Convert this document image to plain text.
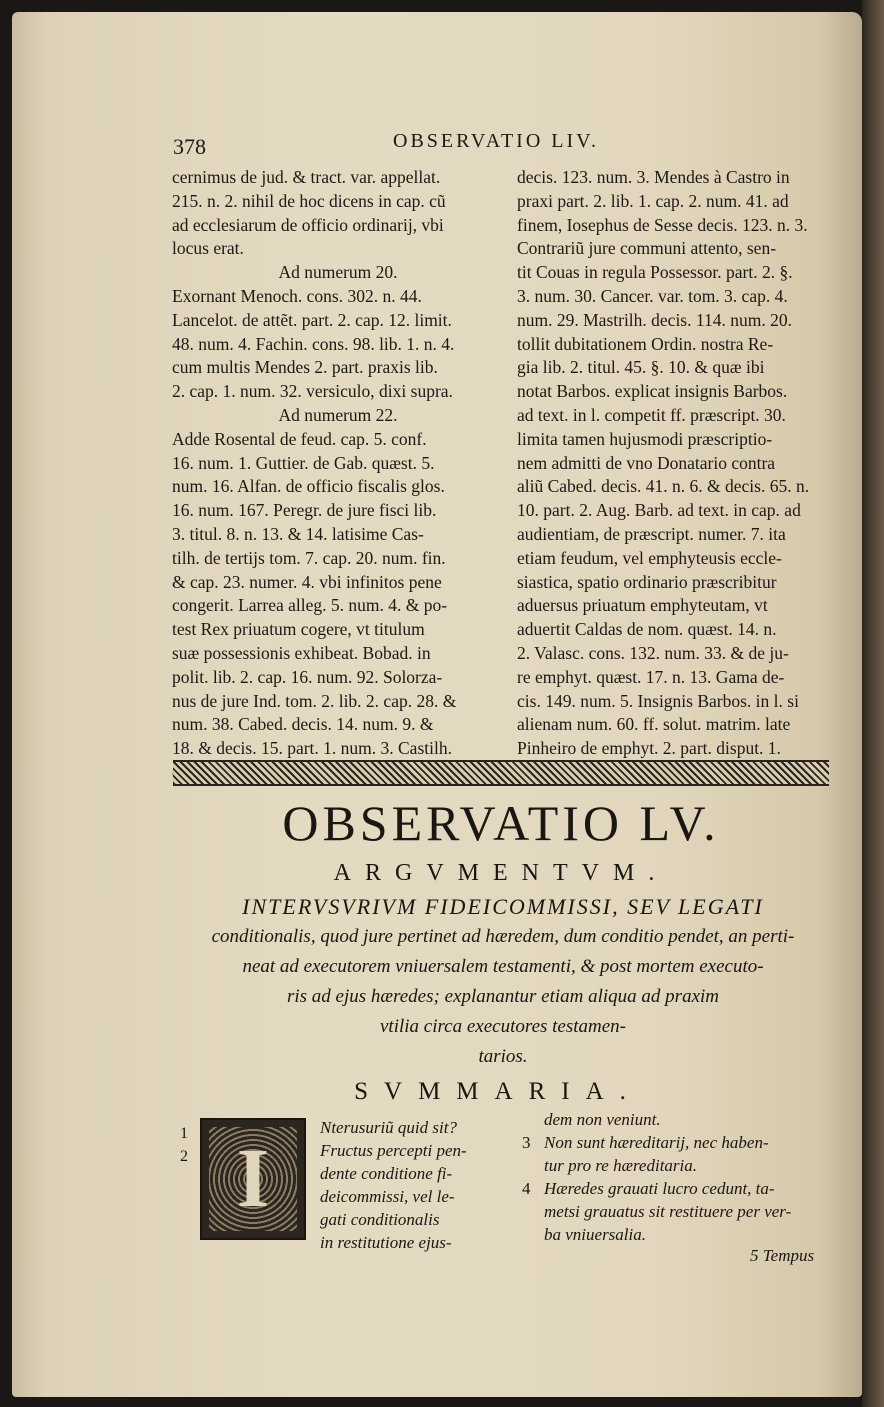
378	OBSERVATIO LIV.

cernimus de jud. & tract. var. appellat.

215. n. 2. nihil de hoc dicens in cap. cũ

ad ecclesiarum de officio ordinarij, vbi

locus erat.

Ad numerum 20.

Exornant Menoch. cons. 302. n. 44.

Lancelot. de attẽt. part. 2. cap. 12. limit.

48. num. 4. Fachin. cons. 98. lib. 1. n. 4.

cum multis Mendes 2. part. praxis lib.

2. cap. 1. num. 32. versiculo, dixi supra.

Ad numerum 22.

Adde Rosental de feud. cap. 5. conf.

16. num. 1. Guttier. de Gab. quæst. 5.

num. 16. Alfan. de officio fiscalis glos.

16. num. 167. Peregr. de jure fisci lib.

3. titul. 8. n. 13. & 14. latisime Cas-

tilh. de tertijs tom. 7. cap. 20. num. fin.

& cap. 23. numer. 4. vbi infinitos pene

congerit. Larrea alleg. 5. num. 4. & po-

test Rex priuatum cogere, vt titulum

suæ possessionis exhibeat. Bobad. in

polit. lib. 2. cap. 16. num. 92. Solorza-

nus de jure Ind. tom. 2. lib. 2. cap. 28. &

num. 38. Cabed. decis. 14. num. 9. &

18. & decis. 15. part. 1. num. 3. Castilh.

decis. 123. num. 3. Mendes à Castro in

praxi part. 2. lib. 1. cap. 2. num. 41. ad

finem, Iosephus de Sesse decis. 123. n. 3.

Contrariũ jure communi attento, sen-

tit Couas in regula Possessor. part. 2. §.

3. num. 30. Cancer. var. tom. 3. cap. 4.

num. 29. Mastrilh. decis. 114. num. 20.

tollit dubitationem Ordin. nostra Re-

gia lib. 2. titul. 45. §. 10. & quæ ibi

notat Barbos. explicat insignis Barbos.

ad text. in l. competit ff. præscript. 30.

limita tamen hujusmodi præscriptio-

nem admitti de vno Donatario contra

aliũ Cabed. decis. 41. n. 6. & decis. 65. n.

10. part. 2. Aug. Barb. ad text. in cap. ad

audientiam, de præscript. numer. 7. ita

etiam feudum, vel emphyteusis eccle-

siastica, spatio ordinario præscribitur

aduersus priuatum emphyteutam, vt

aduertit Caldas de nom. quæst. 14. n.

2. Valasc. cons. 132. num. 33. & de ju-

re emphyt. quæst. 17. n. 13. Gama de-

cis. 149. num. 5. Insignis Barbos. in l. si

alienam num. 60. ff. solut. matrim. late

Pinheiro de emphyt. 2. part. disput. 1.

OBSERVATIO LV.
ARGVMENTVM.

INTERVSVRIVM FIDEICOMMISSI, SEV LEGATI

conditionalis, quod jure pertinet ad hæredem, dum conditio pendet, an perti-

neat ad executorem vniuersalem testamenti, & post mortem executo-

ris ad ejus hæredes; explanantur etiam aliqua ad praxim

vtilia circa executores testamen-

tarios.

SVMMARIA.
I

1

2

Nterusuriũ quid sit?

Fructus percepti pen-

dente conditione fi-

deicommissi, vel le-

gati conditionalis

in restitutione ejus-

dem non veniunt.
3 Non sunt hæreditarij, nec haben-
tur pro re hæreditaria.
4 Hæredes grauati lucro cedunt, ta-
metsi grauatus sit restituere per ver-
ba vniuersalia.
5 Tempus
